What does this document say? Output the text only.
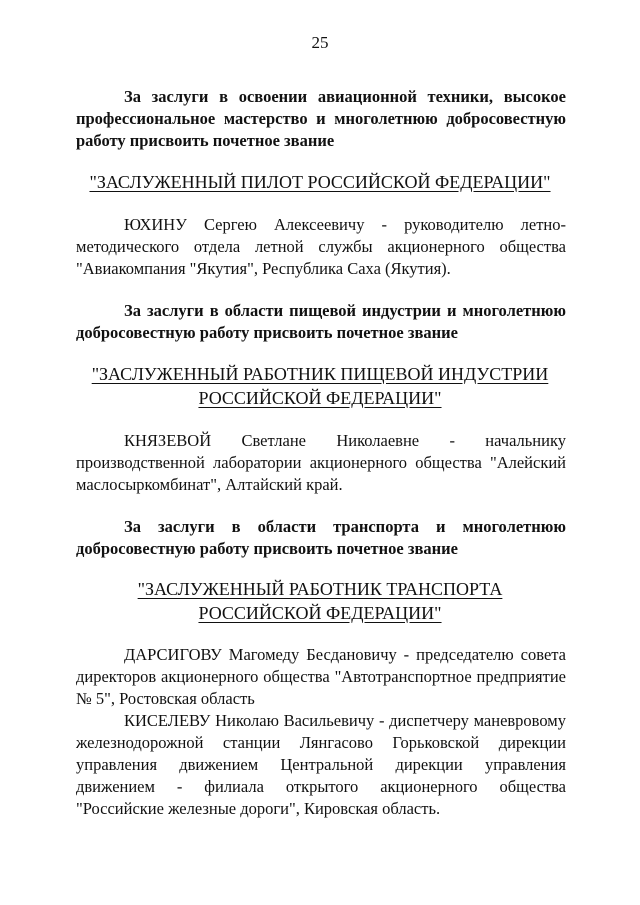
25
За заслуги в освоении авиационной техники, высокое профессиональное мастерство и многолетнюю добросовестную работу присвоить почетное звание
"ЗАСЛУЖЕННЫЙ ПИЛОТ РОССИЙСКОЙ ФЕДЕРАЦИИ"
ЮХИНУ Сергею Алексеевичу - руководителю летно-методического отдела летной службы акционерного общества "Авиакомпания "Якутия", Республика Саха (Якутия).
За заслуги в области пищевой индустрии и многолетнюю добросовестную работу присвоить почетное звание
"ЗАСЛУЖЕННЫЙ РАБОТНИК ПИЩЕВОЙ ИНДУСТРИИ
РОССИЙСКОЙ ФЕДЕРАЦИИ"
КНЯЗЕВОЙ Светлане Николаевне - начальнику производственной лаборатории акционерного общества "Алейский маслосыркомбинат", Алтайский край.
За заслуги в области транспорта и многолетнюю добросовестную работу присвоить почетное звание
"ЗАСЛУЖЕННЫЙ РАБОТНИК ТРАНСПОРТА
РОССИЙСКОЙ ФЕДЕРАЦИИ"
ДАРСИГОВУ Магомеду Бесдановичу - председателю совета директоров акционерного общества "Автотранспортное предприятие № 5", Ростовская область
КИСЕЛЕВУ Николаю Васильевичу - диспетчеру маневровому железнодорожной станции Лянгасово Горьковской дирекции управления движением Центральной дирекции управления движением - филиала открытого акционерного общества "Российские железные дороги", Кировская область.
